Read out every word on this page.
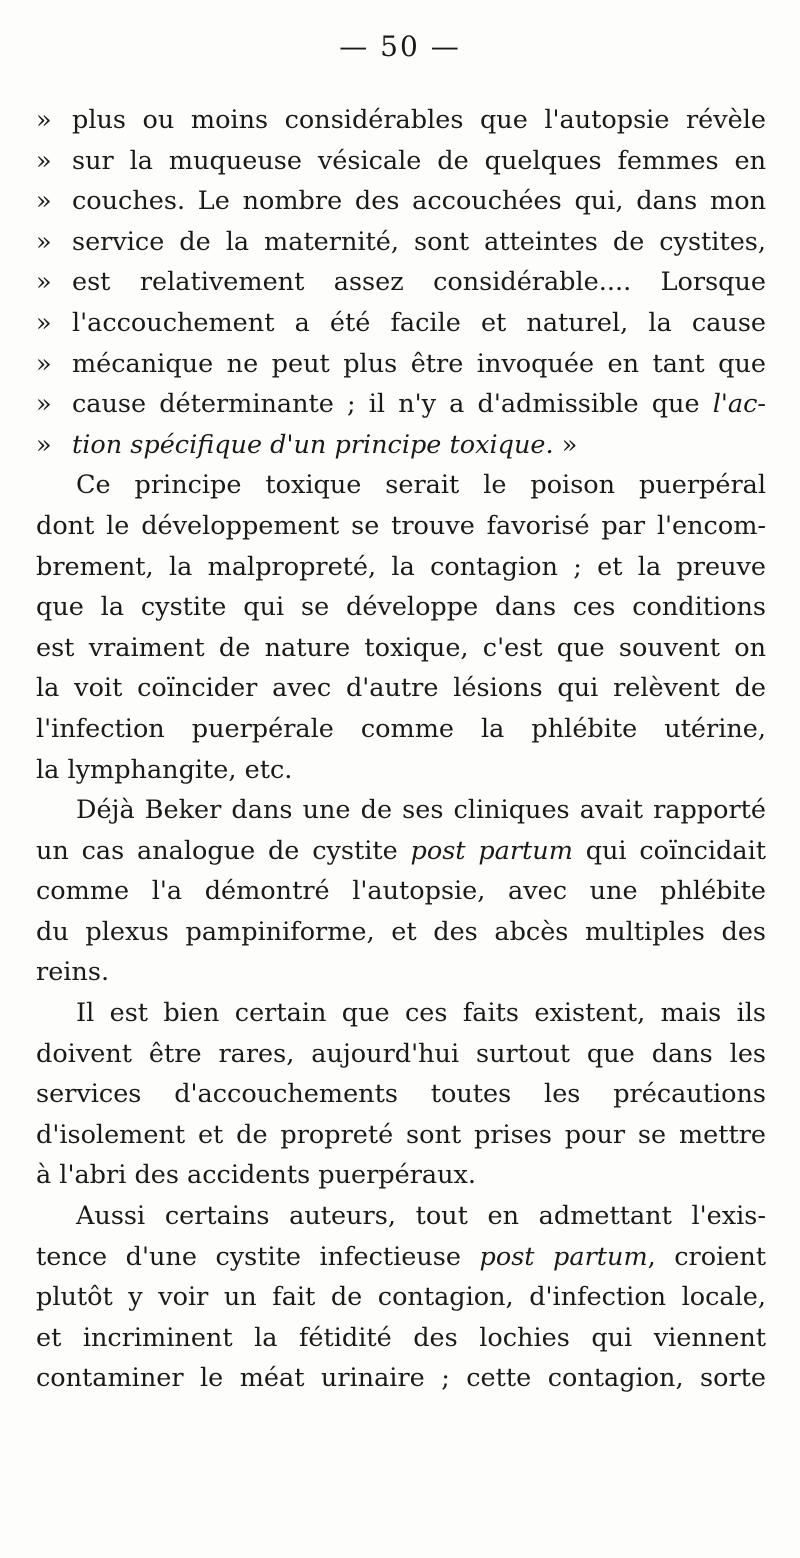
— 50 —
» plus ou moins considérables que l'autopsie révèle
» sur la muqueuse vésicale de quelques femmes en
» couches. Le nombre des accouchées qui, dans mon
» service de la maternité, sont atteintes de cystites,
» est relativement assez considérable.... Lorsque
» l'accouchement a été facile et naturel, la cause
» mécanique ne peut plus être invoquée en tant que
» cause déterminante ; il n'y a d'admissible que l'ac-
» tion spécifique d'un principe toxique. »
Ce principe toxique serait le poison puerpéral
dont le développement se trouve favorisé par l'encom-
brement, la malpropreté, la contagion ; et la preuve
que la cystite qui se développe dans ces conditions
est vraiment de nature toxique, c'est que souvent on
la voit coïncider avec d'autre lésions qui relèvent de
l'infection puerpérale comme la phlébite utérine,
la lymphangite, etc.
Déjà Beker dans une de ses cliniques avait rapporté
un cas analogue de cystite post partum qui coïncidait
comme l'a démontré l'autopsie, avec une phlébite
du plexus pampiniforme, et des abcès multiples des
reins.
Il est bien certain que ces faits existent, mais ils
doivent être rares, aujourd'hui surtout que dans les
services d'accouchements toutes les précautions
d'isolement et de propreté sont prises pour se mettre
à l'abri des accidents puerpéraux.
Aussi certains auteurs, tout en admettant l'exis-
tence d'une cystite infectieuse post partum, croient
plutôt y voir un fait de contagion, d'infection locale,
et incriminent la fétidité des lochies qui viennent
contaminer le méat urinaire ; cette contagion, sorte
